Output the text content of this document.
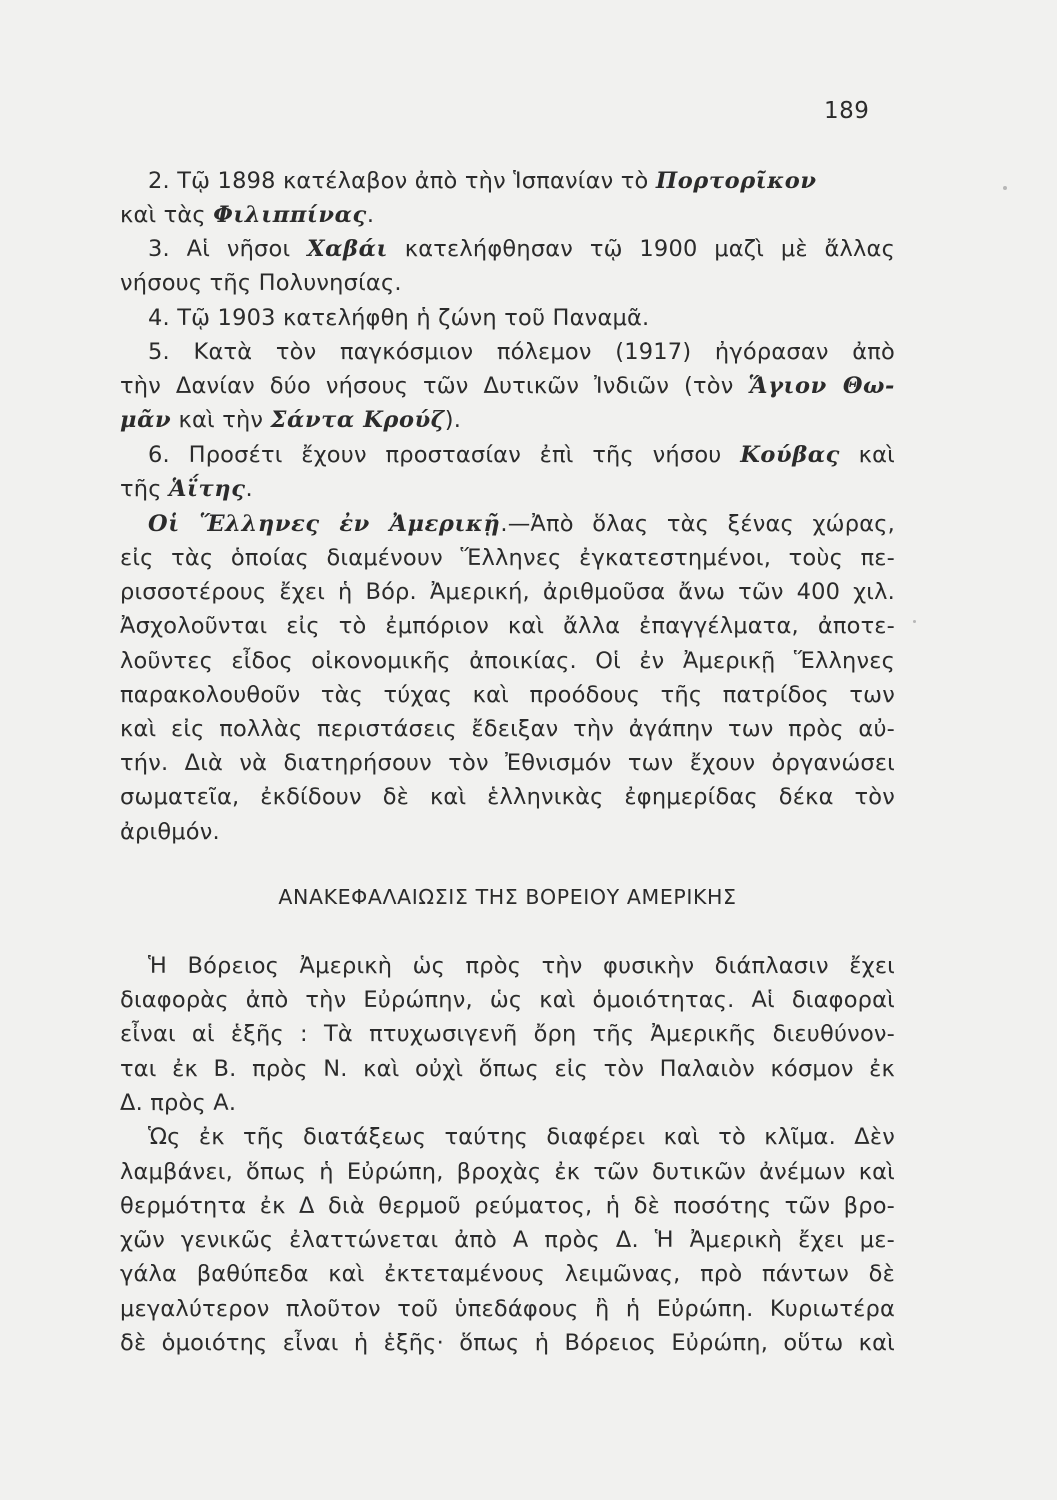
189
2. Τῷ 1898 κατέλαβον ἀπὸ τὴν Ἱσπανίαν τὸ Πορτορῖκον
καὶ τὰς Φιλιππίνας.
3. Αἱ νῆσοι Χαβάι κατελήφθησαν τῷ 1900 μαζὶ μὲ ἄλλας
νήσους τῆς Πολυνησίας.
4. Τῷ 1903 κατελήφθη ἡ ζώνη τοῦ Παναμᾶ.
5. Κατὰ τὸν παγκόσμιον πόλεμον (1917) ἠγόρασαν ἀπὸ
τὴν Δανίαν δύο νήσους τῶν Δυτικῶν Ἰνδιῶν (τὸν Ἅγιον Θω-
μᾶν καὶ τὴν Σάντα Κρούζ).
6. Προσέτι ἔχουν προστασίαν ἐπὶ τῆς νήσου Κούβας καὶ
τῆς Ἁΐτης.
Οἱ Ἕλληνες ἐν Ἀμερικῇ.—Ἀπὸ ὅλας τὰς ξένας χώρας,
εἰς τὰς ὁποίας διαμένουν Ἕλληνες ἐγκατεστημένοι, τοὺς πε-
ρισσοτέρους ἔχει ἡ Βόρ. Ἀμερική, ἀριθμοῦσα ἄνω τῶν 400 χιλ.
Ἀσχολοῦνται εἰς τὸ ἐμπόριον καὶ ἄλλα ἐπαγγέλματα, ἀποτε-
λοῦντες εἶδος οἰκονομικῆς ἀποικίας. Οἱ ἐν Ἀμερικῇ Ἕλληνες
παρακολουθοῦν τὰς τύχας καὶ προόδους τῆς πατρίδος των
καὶ εἰς πολλὰς περιστάσεις ἔδειξαν τὴν ἀγάπην των πρὸς αὐ-
τήν. Διὰ νὰ διατηρήσουν τὸν Ἐθνισμόν των ἔχουν ὀργανώσει
σωματεῖα, ἐκδίδουν δὲ καὶ ἑλληνικὰς ἐφημερίδας δέκα τὸν
ἀριθμόν.
ΑΝΑΚΕΦΑΛΑΙΩΣΙΣ ΤΗΣ ΒΟΡΕΙΟΥ ΑΜΕΡΙΚΗΣ
Ἡ Βόρειος Ἀμερικὴ ὡς πρὸς τὴν φυσικὴν διάπλασιν ἔχει
διαφορὰς ἀπὸ τὴν Εὐρώπην, ὡς καὶ ὁμοιότητας. Αἱ διαφοραὶ
εἶναι αἱ ἑξῆς : Τὰ πτυχωσιγενῆ ὄρη τῆς Ἀμερικῆς διευθύνον-
ται ἐκ Β. πρὸς Ν. καὶ οὐχὶ ὅπως εἰς τὸν Παλαιὸν κόσμον ἐκ
Δ. πρὸς Α.
Ὡς ἐκ τῆς διατάξεως ταύτης διαφέρει καὶ τὸ κλῖμα. Δὲν
λαμβάνει, ὅπως ἡ Εὐρώπη, βροχὰς ἐκ τῶν δυτικῶν ἀνέμων καὶ
θερμότητα ἐκ Δ διὰ θερμοῦ ρεύματος, ἡ δὲ ποσότης τῶν βρο-
χῶν γενικῶς ἐλαττώνεται ἀπὸ Α πρὸς Δ. Ἡ Ἀμερικὴ ἔχει με-
γάλα βαθύπεδα καὶ ἐκτεταμένους λειμῶνας, πρὸ πάντων δὲ
μεγαλύτερον πλοῦτον τοῦ ὑπεδάφους ἢ ἡ Εὐρώπη. Κυριωτέρα
δὲ ὁμοιότης εἶναι ἡ ἑξῆς· ὅπως ἡ Βόρειος Εὐρώπη, οὕτω καὶ
